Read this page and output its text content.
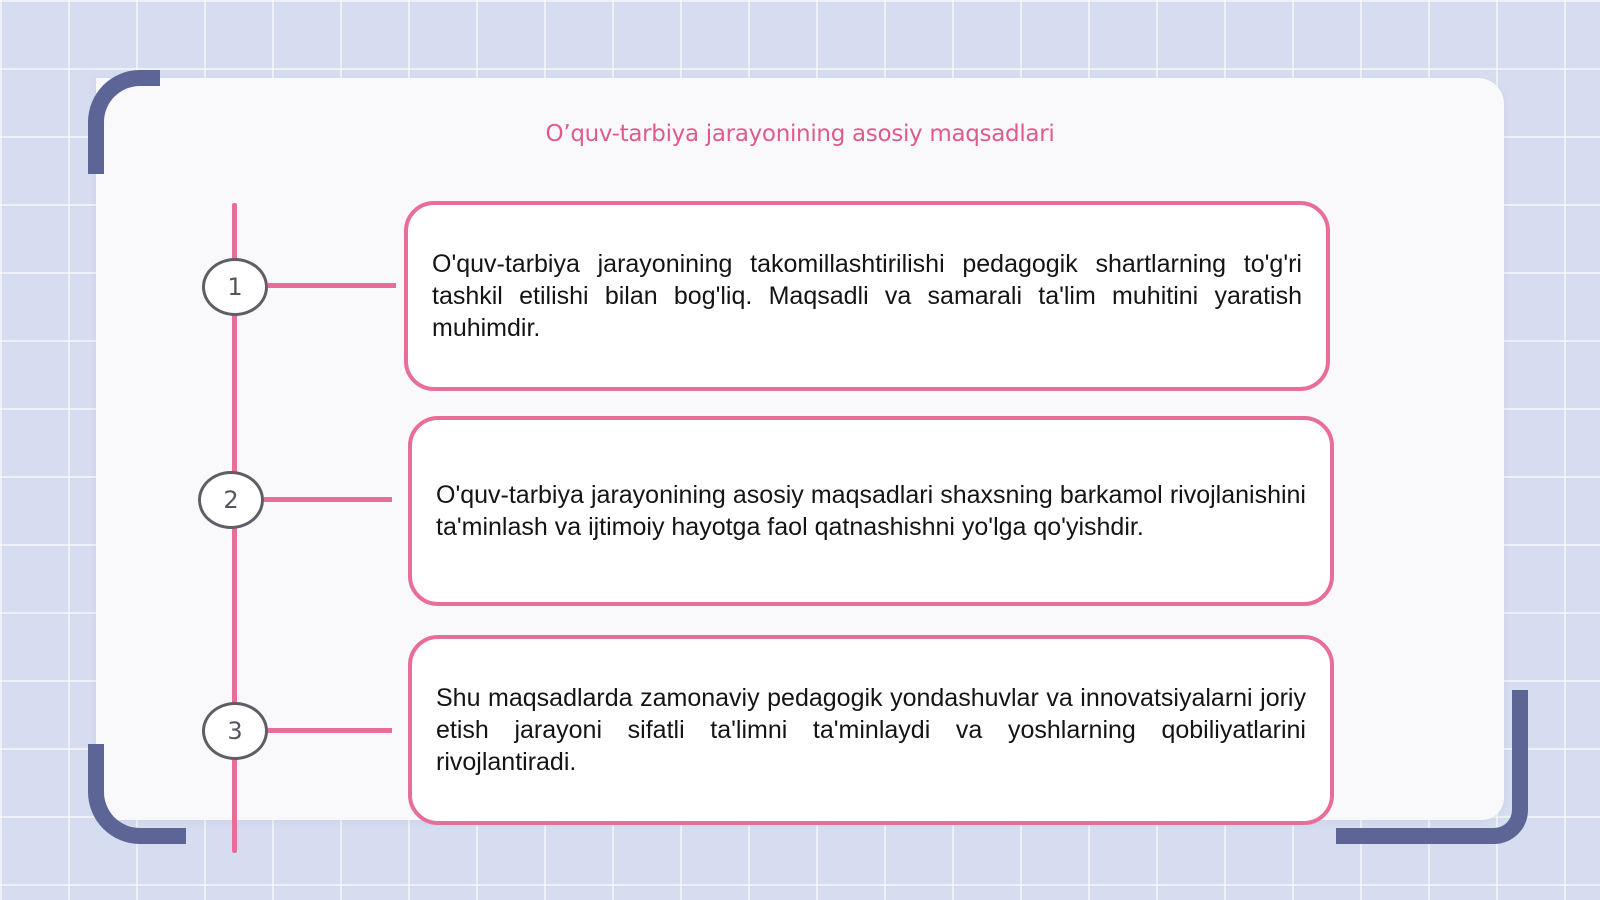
O’quv-tarbiya jarayonining asosiy maqsadlari
1

O'quv-tarbiya jarayonining takomillashtirilishi pedagogik shartlarning to'g'ri tashkil etilishi bilan bog'liq. Maqsadli va samarali ta'lim muhitini yaratish muhimdir.

2	O'quv-tarbiya jarayonining asosiy maqsadlari shaxsning barkamol rivojlanishini ta'minlash va ijtimoiy hayotga faol qatnashishni yo'lga qo'yishdir.

3

Shu maqsadlarda zamonaviy pedagogik yondashuvlar va innovatsiyalarni joriy etish jarayoni sifatli ta'limni ta'minlaydi va yoshlarning qobiliyatlarini rivojlantiradi.
